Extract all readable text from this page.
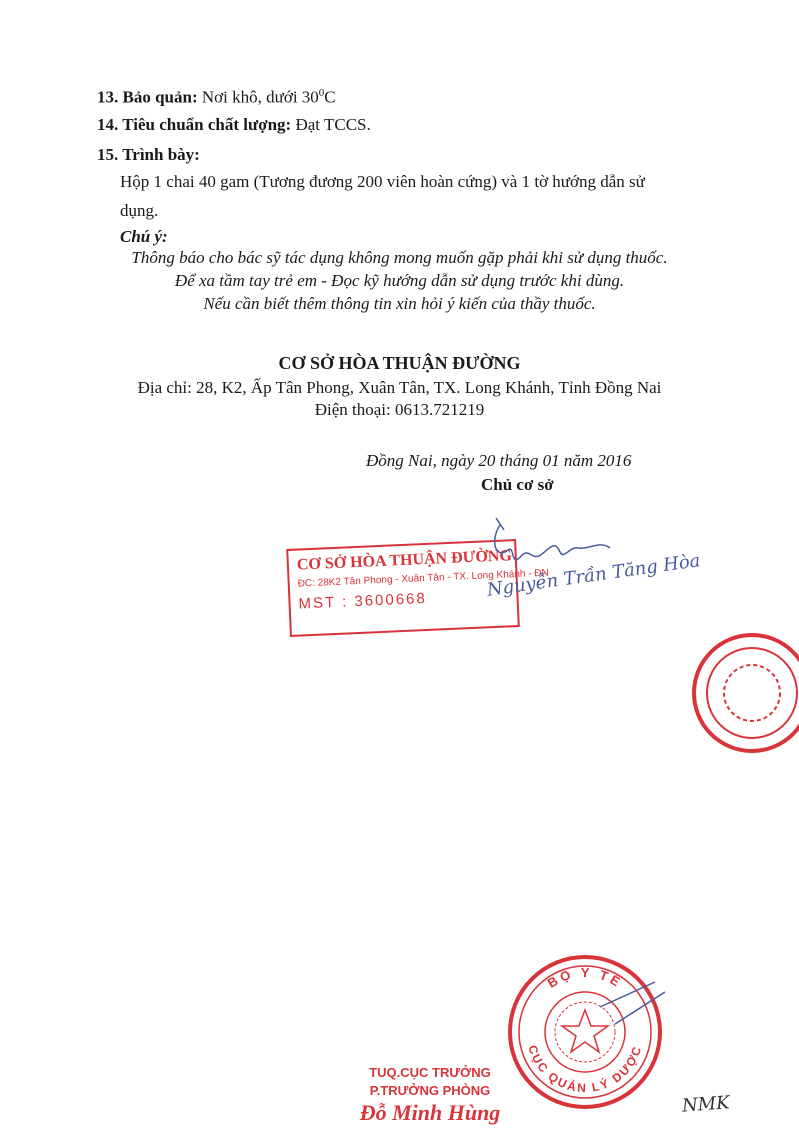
13. Bảo quản: Nơi khô, dưới $30^0C$
14. Tiêu chuẩn chất lượng: Đạt TCCS.
15. Trình bày:
Hộp 1 chai 40 gam (Tương đương 200 viên hoàn cứng) và 1 tờ hướng dẫn sử
dụng.
Chú ý:
Thông báo cho bác sỹ tác dụng không mong muốn gặp phải khi sử dụng thuốc.
Để xa tầm tay trẻ em - Đọc kỹ hướng dẫn sử dụng trước khi dùng.
Nếu cần biết thêm thông tin xin hỏi ý kiến của thầy thuốc.
CƠ SỞ HÒA THUẬN ĐƯỜNG
Địa chỉ: 28, K2, Ấp Tân Phong, Xuân Tân, TX. Long Khánh, Tỉnh Đồng Nai
Điện thoại: 0613.721219
Đồng Nai, ngày 20 tháng 01 năm 2016
Chủ cơ sở
CƠ SỞ HÒA THUẬN ĐƯỜNG
ĐC: 28K2 Tân Phong - Xuân Tân - TX. Long Khánh - ĐN
MST : 3600668
Nguyễn Trần Tăng Hòa
BỘ Y TẾ
CỤC QUẢN LÝ DƯỢC
TUQ.CỤC TRƯỞNG
P.TRƯỞNG PHÒNG
Đỗ Minh Hùng	NMK
